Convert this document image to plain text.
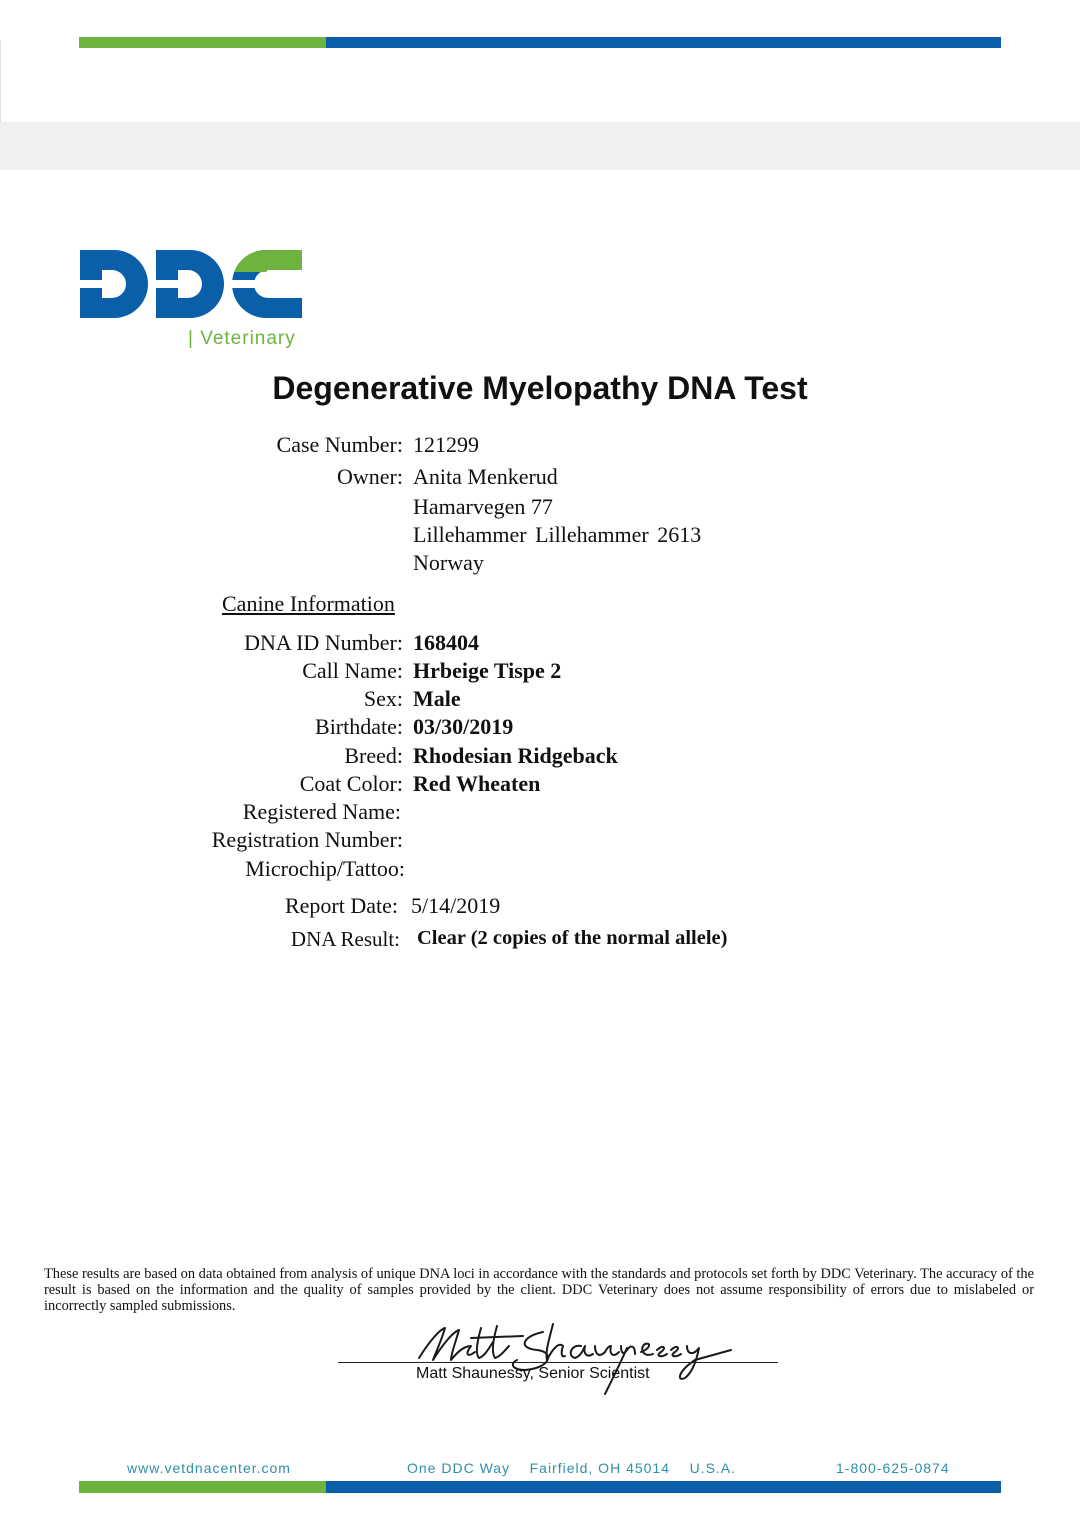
| Veterinary
Degenerative Myelopathy DNA Test
Case Number: 121299
Owner: Anita Menkerud
Hamarvegen 77
Lillehammer Lillehammer 2613
Norway
Canine Information
DNA ID Number: 168404
Call Name: Hrbeige Tispe 2
Sex: Male
Birthdate: 03/30/2019
Breed: Rhodesian Ridgeback
Coat Color: Red Wheaten
Registered Name:
Registration Number:
Microchip/Tattoo:
Report Date: 5/14/2019
DNA Result: Clear (2 copies of the normal allele)
These results are based on data obtained from analysis of unique DNA loci in accordance with the standards and protocols set forth by DDC Veterinary. The accuracy of the result is based on the information and the quality of samples provided by the client. DDC Veterinary does not assume responsibility of errors due to mislabeled or incorrectly sampled submissions.
Matt Shaunessy, Senior Scientist
www.vetdnacenter.com	One DDC Way    Fairfield, OH 45014    U.S.A.	1-800-625-0874
